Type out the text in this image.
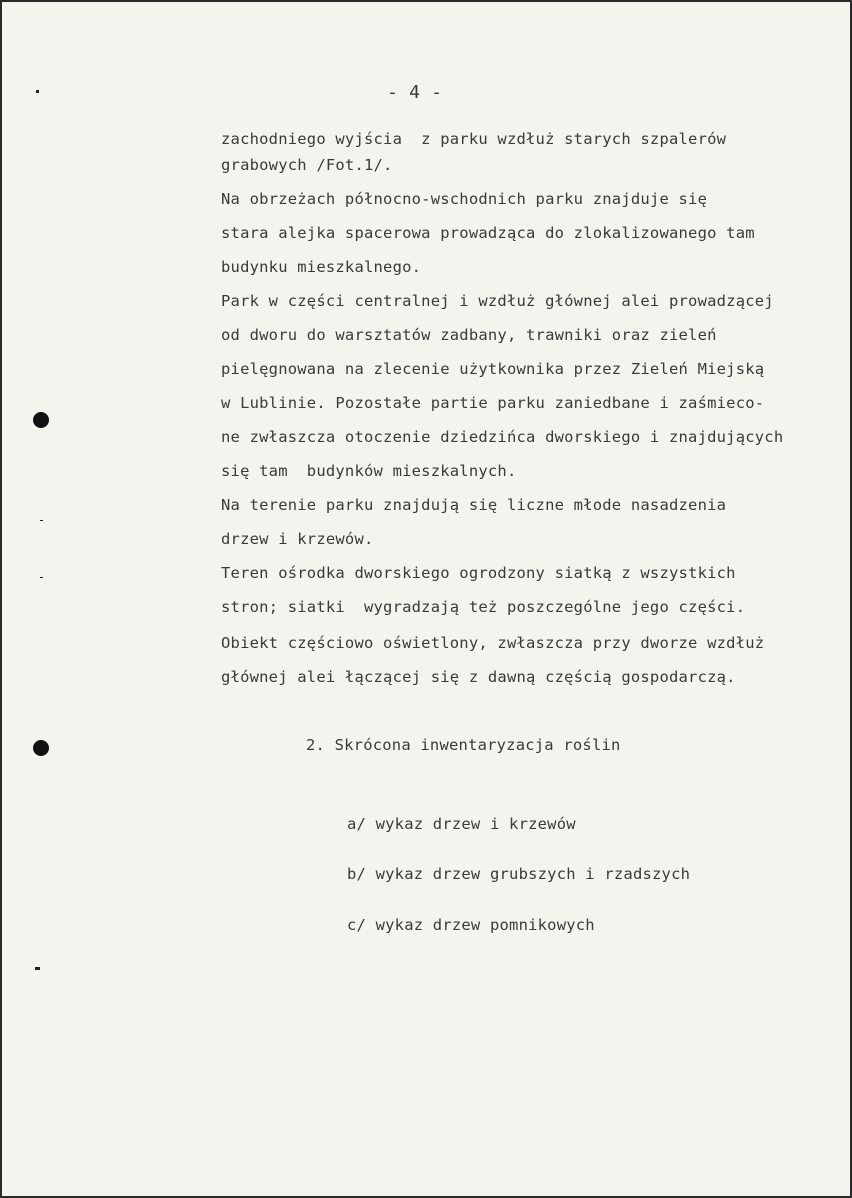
- 4 -
zachodniego wyjścia  z parku wzdłuż starych szpalerów
grabowych /Fot.1/.
Na obrzeżach północno-wschodnich parku znajduje się
stara alejka spacerowa prowadząca do zlokalizowanego tam
budynku mieszkalnego.
Park w części centralnej i wzdłuż głównej alei prowadzącej
od dworu do warsztatów zadbany, trawniki oraz zieleń
pielęgnowana na zlecenie użytkownika przez Zieleń Miejską
w Lublinie. Pozostałe partie parku zaniedbane i zaśmieco-
ne zwłaszcza otoczenie dziedzińca dworskiego i znajdujących
się tam  budynków mieszkalnych.
Na terenie parku znajdują się liczne młode nasadzenia
drzew i krzewów.
Teren ośrodka dworskiego ogrodzony siatką z wszystkich
stron; siatki  wygradzają też poszczególne jego części.
Obiekt częściowo oświetlony, zwłaszcza przy dworze wzdłuż
głównej alei łączącej się z dawną częścią gospodarczą.
2. Skrócona inwentaryzacja roślin
a/ wykaz drzew i krzewów
b/ wykaz drzew grubszych i rzadszych
c/ wykaz drzew pomnikowych
